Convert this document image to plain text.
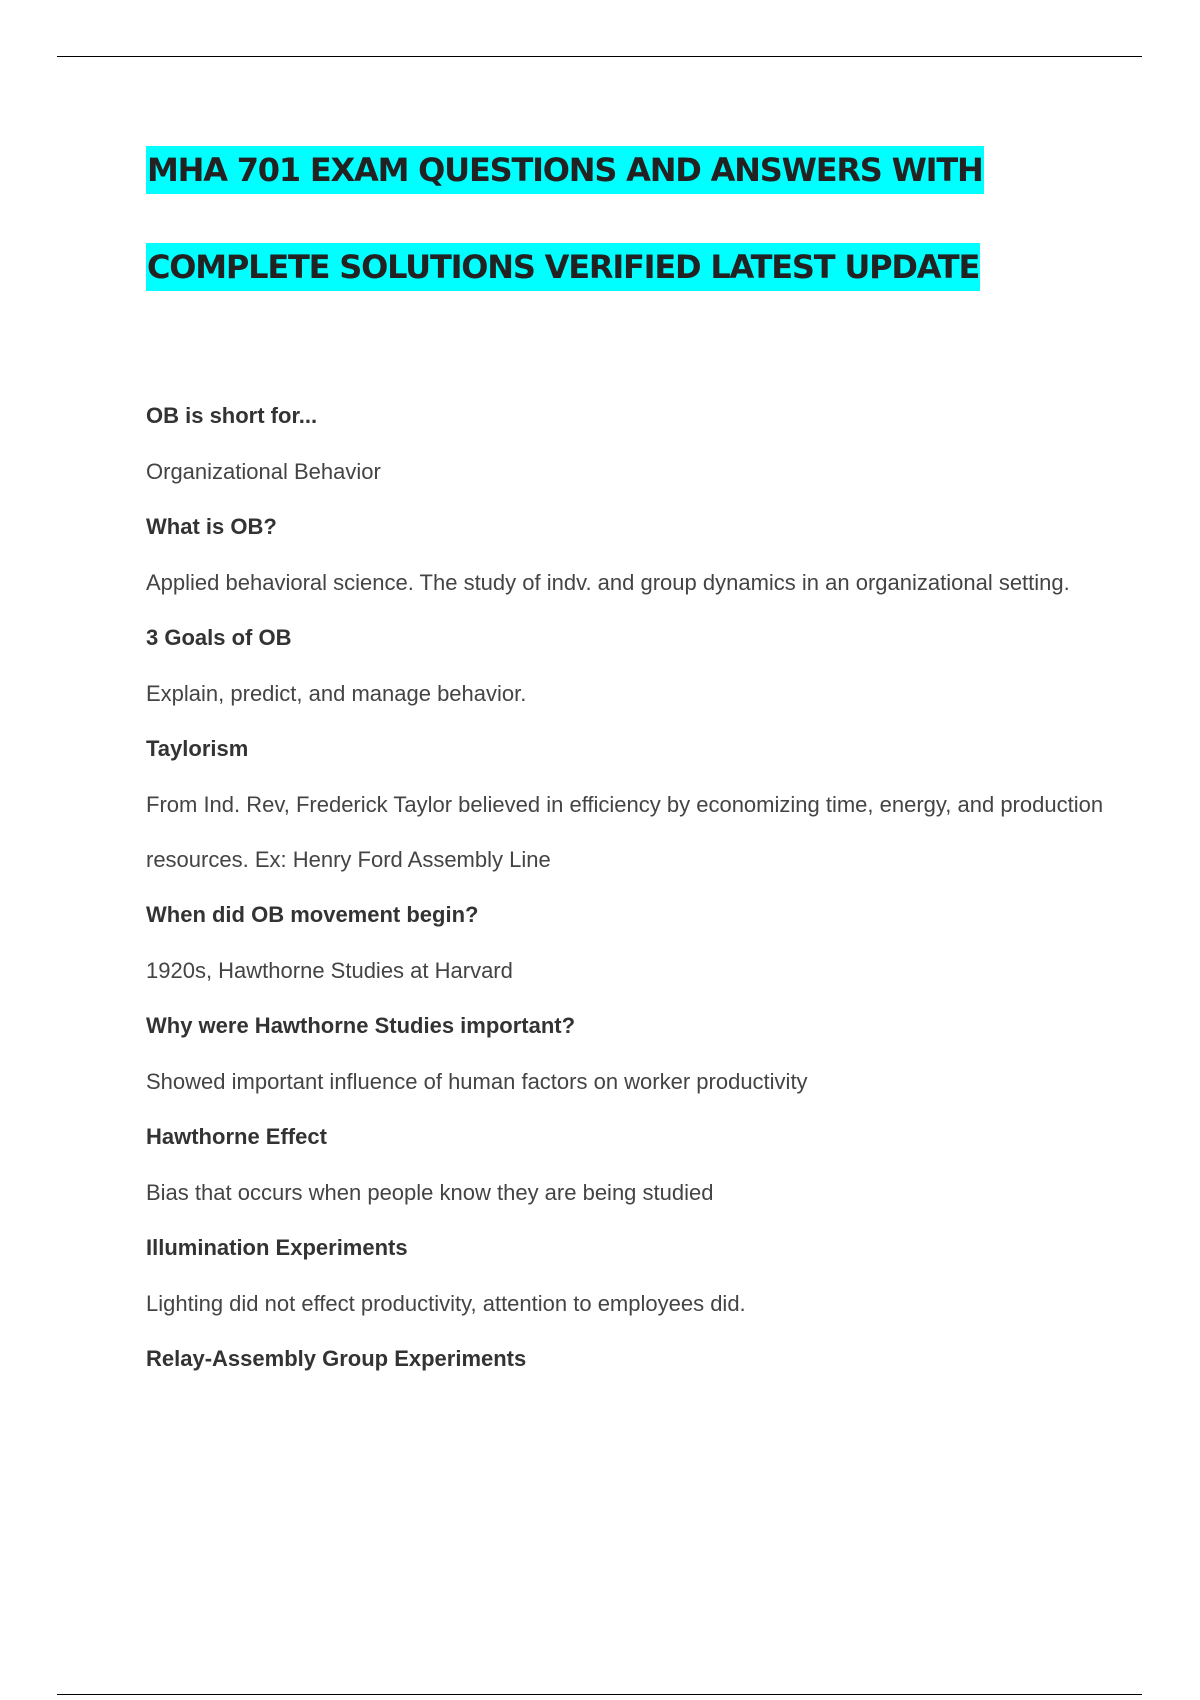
MHA 701 EXAM QUESTIONS AND ANSWERS WITH
COMPLETE SOLUTIONS VERIFIED LATEST UPDATE

OB is short for...

Organizational Behavior

What is OB?

Applied behavioral science. The study of indv. and group dynamics in an organizational setting.

3 Goals of OB

Explain, predict, and manage behavior.

Taylorism

From Ind. Rev, Frederick Taylor believed in efficiency by economizing time, energy, and production resources. Ex: Henry Ford Assembly Line

When did OB movement begin?

1920s, Hawthorne Studies at Harvard

Why were Hawthorne Studies important?

Showed important influence of human factors on worker productivity

Hawthorne Effect

Bias that occurs when people know they are being studied

Illumination Experiments

Lighting did not effect productivity, attention to employees did.

Relay-Assembly Group Experiments
